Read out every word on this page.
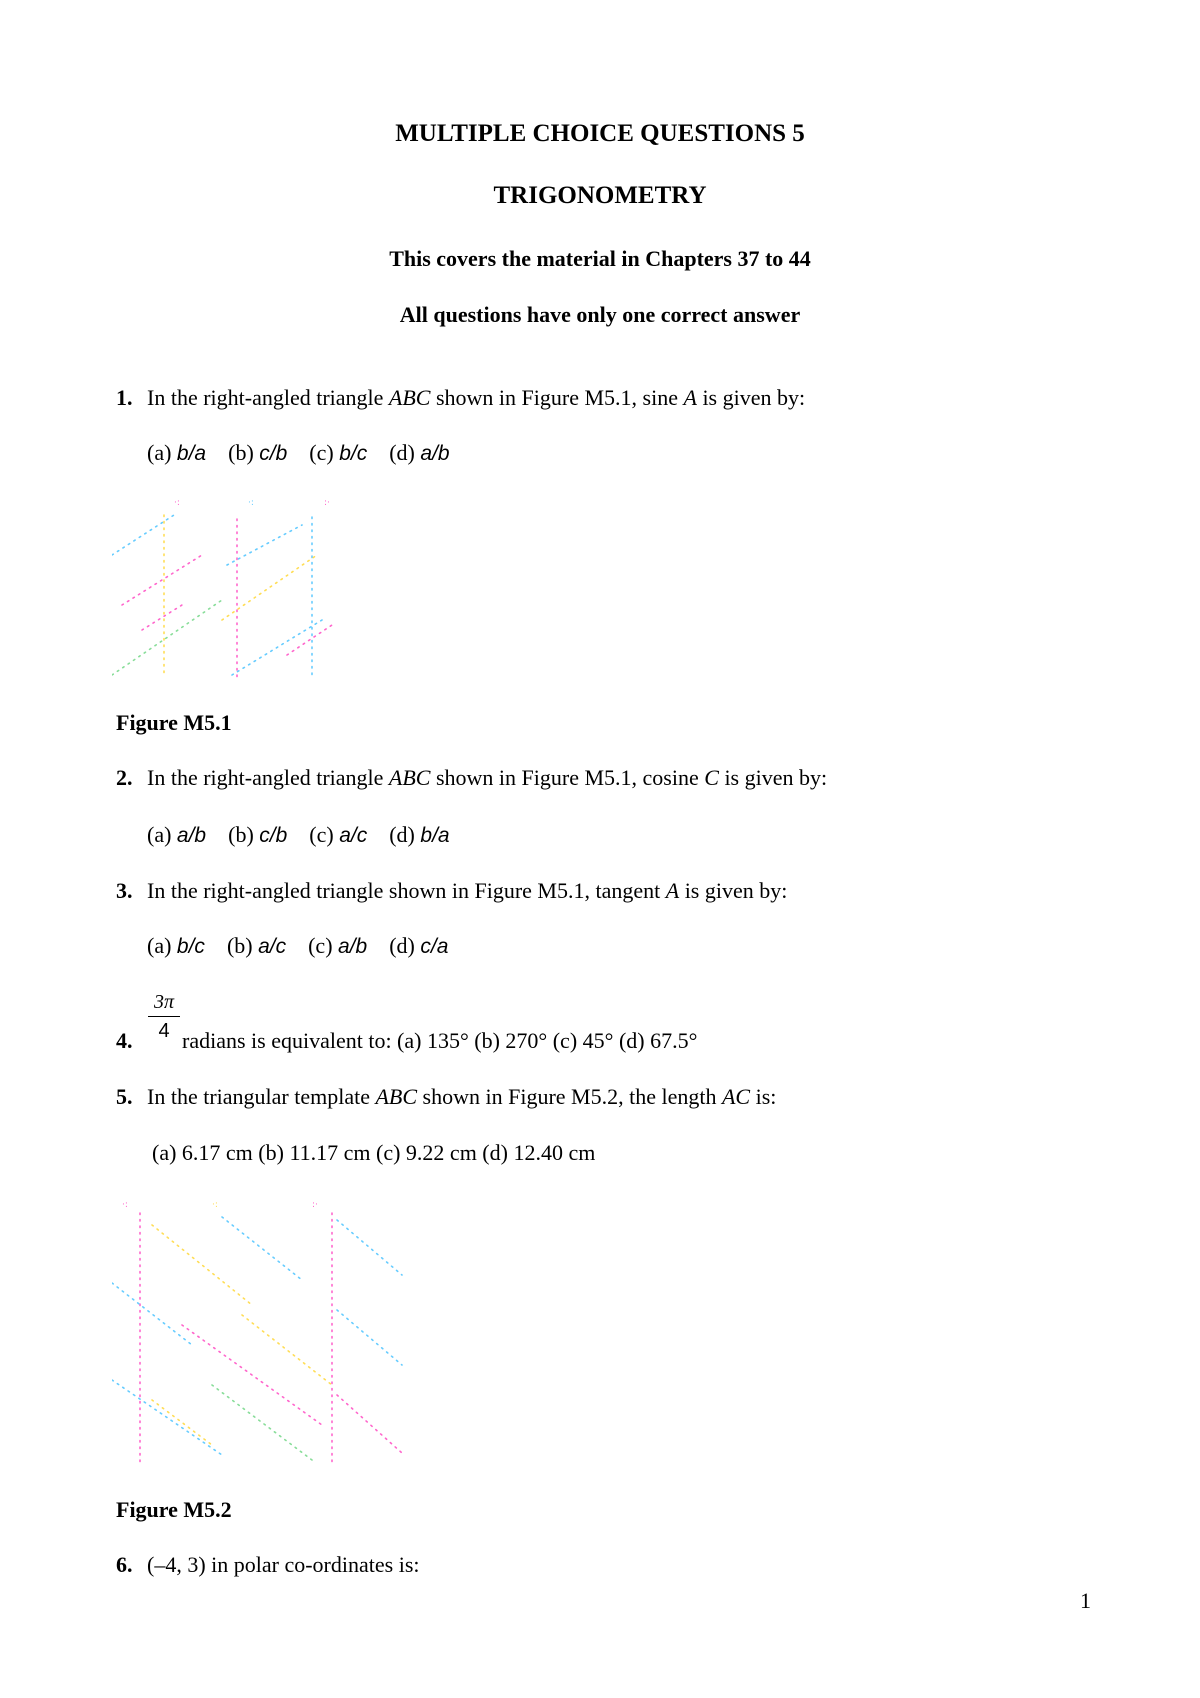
MULTIPLE CHOICE QUESTIONS 5
TRIGONOMETRY
This covers the material in Chapters 37 to 44
All questions have only one correct answer
1. In the right-angled triangle ABC shown in Figure M5.1, sine A is given by:
(a) b/a (b) c/b (c) b/c (d) a/b
·:	·:	:·
Figure M5.1
2. In the right-angled triangle ABC shown in Figure M5.1, cosine C is given by:
(a) a/b (b) c/b (c) a/c (d) b/a
3. In the right-angled triangle shown in Figure M5.1, tangent A is given by:
(a) b/c (b) a/c (c) a/b (d) c/a
$\frac{3\pi}{4}$
4. radians is equivalent to: (a) 135° (b) 270° (c) 45° (d) 67.5°
5. In the triangular template ABC shown in Figure M5.2, the length AC is:
(a) 6.17 cm (b) 11.17 cm (c) 9.22 cm (d) 12.40 cm
·:	·:	:·
Figure M5.2
6. (–4, 3) in polar co-ordinates is:
1
